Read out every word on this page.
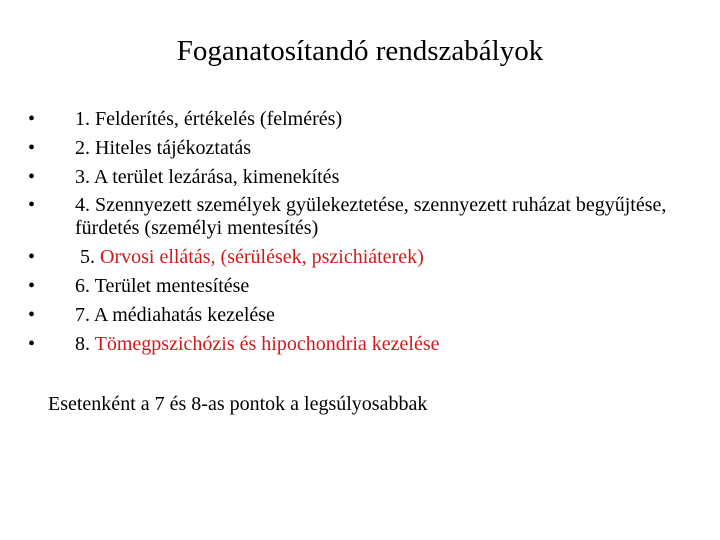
Foganatosítandó rendszabályok
• 1. Felderítés, értékelés (felmérés)
• 2. Hiteles tájékoztatás
• 3. A terület lezárása, kimenekítés
• 4. Szennyezett személyek gyülekeztetése, szennyezett ruházat begyűjtése, fürdetés (személyi mentesítés)
• 5. Orvosi ellátás, (sérülések, pszichiáterek)
• 6. Terület mentesítése
• 7. A médiahatás kezelése
• 8. Tömegpszichózis és hipochondria kezelése

Esetenként a 7 és 8-as pontok a legsúlyosabbak
